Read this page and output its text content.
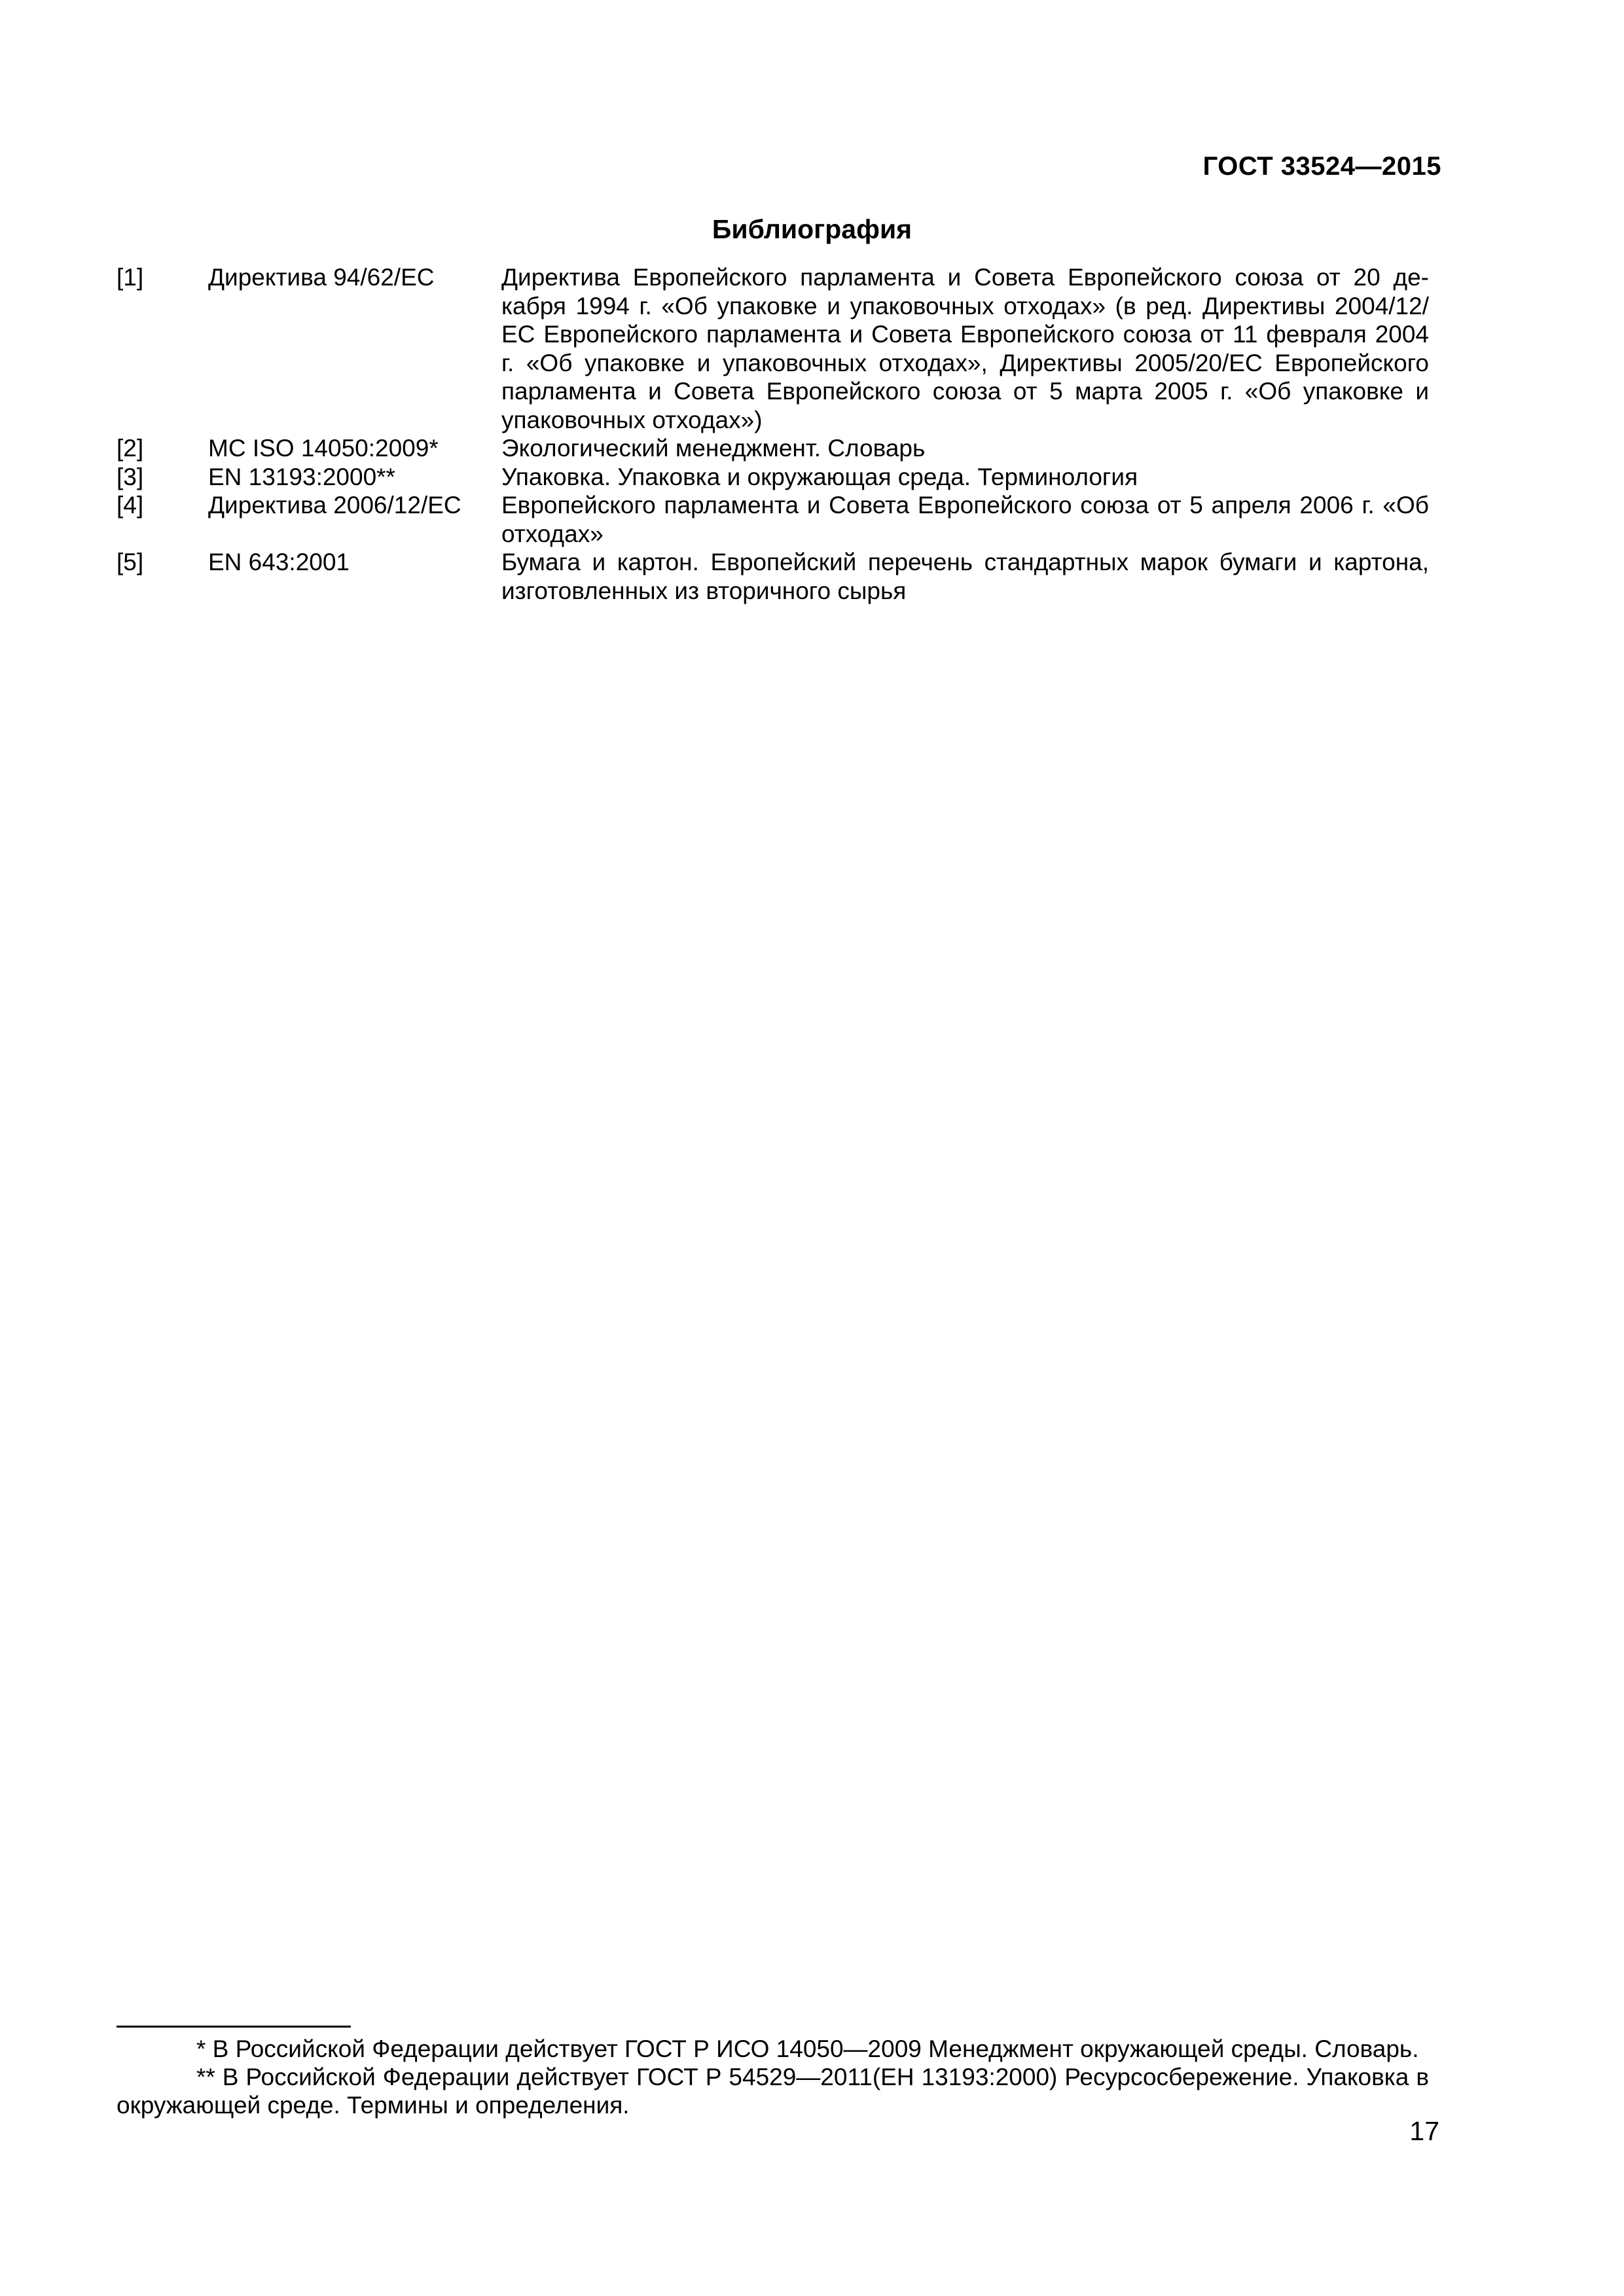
ГОСТ 33524—2015
Библиография
[1]	Директива 94/62/ЕС	Директива Европейского парламента и Совета Европейского союза от 20 декабря 1994 г. «Об упаковке и упаковочных отходах» (в ред. Директивы 2004/12/ЕС Европейского парламента и Совета Европейского союза от 11 февраля 2004 г. «Об упаковке и упаковочных отходах», Директивы 2005/20/ЕС Европейского парламента и Совета Европейского союза от 5 марта 2005 г. «Об упаковке и упаковочных отходах»)
[2]	МС ISO 14050:2009*	Экологический менеджмент. Словарь
[3]	EN 13193:2000**	Упаковка. Упаковка и окружающая среда. Терминология
[4]	Директива 2006/12/ЕС	Европейского парламента и Совета Европейского союза от 5 апреля 2006 г. «Об отходах»
[5]	EN 643:2001	Бумага и картон. Европейский перечень стандартных марок бумаги и картона, изготовленных из вторичного сырья

* В Российской Федерации действует ГОСТ Р ИСО 14050—2009 Менеджмент окружающей среды. Словарь.

** В Российской Федерации действует ГОСТ Р 54529—2011(ЕН 13193:2000) Ресурсосбережение. Упаковка в окружающей среде. Термины и определения.

17
